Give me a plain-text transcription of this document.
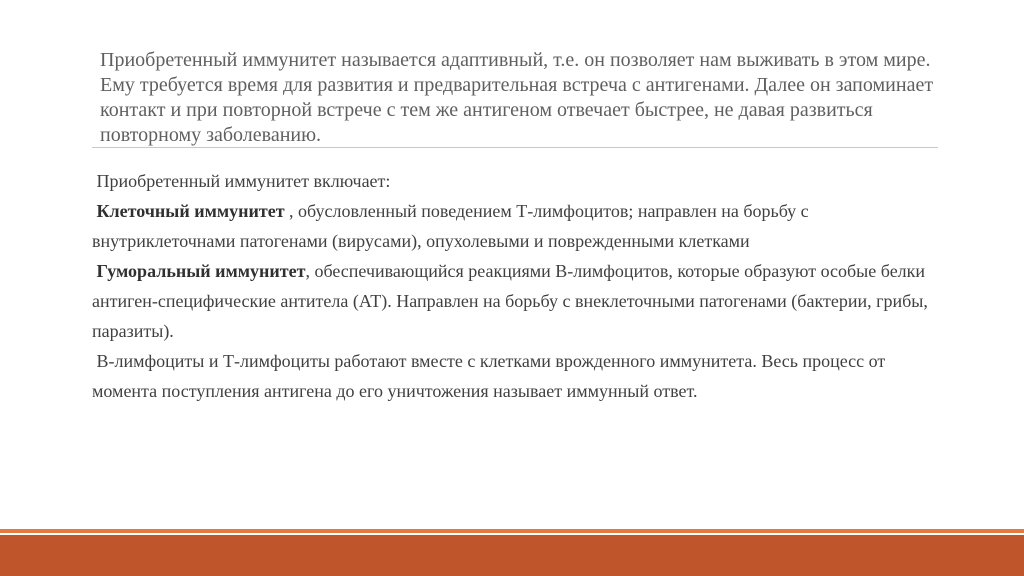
Приобретенный иммунитет называется адаптивный, т.е. он позволяет нам выживать в этом мире. Ему требуется время для развития и предварительная встреча с антигенами. Далее он запоминает контакт и при повторной встрече с тем же антигеном отвечает быстрее, не давая развиться повторному заболеванию.

Приобретенный иммунитет включает:

Клеточный иммунитет , обусловленный поведением Т-лимфоцитов; направлен на борьбу с внутриклеточнами патогенами (вирусами), опухолевыми и поврежденными клетками

Гуморальный иммунитет, обеспечивающийся реакциями В-лимфоцитов, которые образуют особые белки антиген-специфические антитела (АТ). Направлен на борьбу с внеклеточными патогенами (бактерии, грибы, паразиты).

В-лимфоциты и Т-лимфоциты работают вместе с клетками врожденного иммунитета. Весь процесс от момента поступления антигена до его уничтожения называет иммунный ответ.
